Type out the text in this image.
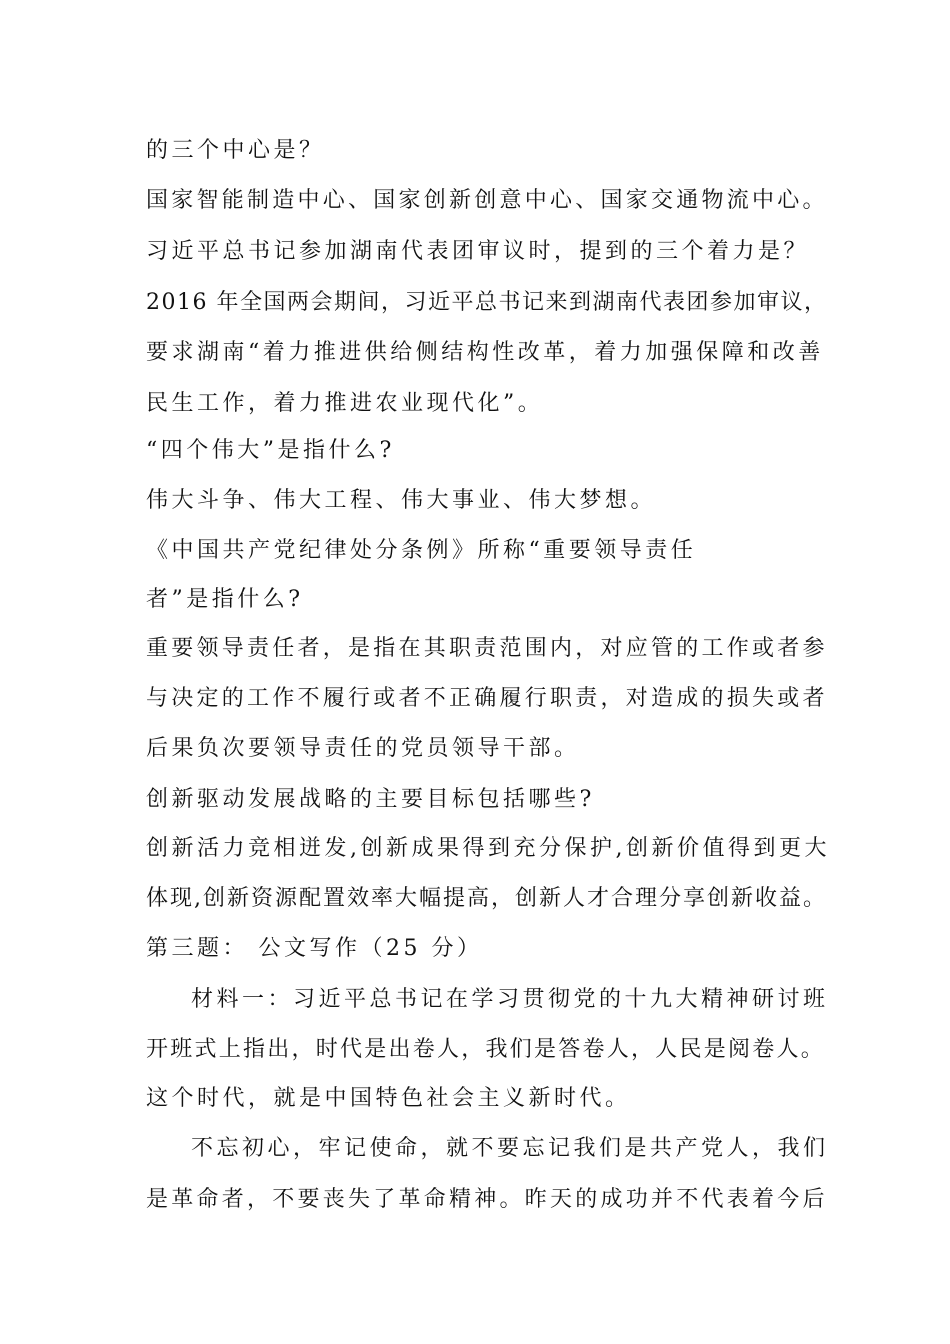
的三个中心是？
国家智能制造中心、国家创新创意中心、国家交通物流中心。
习近平总书记参加湖南代表团审议时，提到的三个着力是？
2016 年全国两会期间，习近平总书记来到湖南代表团参加审议，
要求湖南“着力推进供给侧结构性改革，着力加强保障和改善
民生工作，着力推进农业现代化”。
“四个伟大”是指什么?
伟大斗争、伟大工程、伟大事业、伟大梦想。
《中国共产党纪律处分条例》所称“重要领导责任
者”是指什么?
重要领导责任者，是指在其职责范围内，对应管的工作或者参
与决定的工作不履行或者不正确履行职责，对造成的损失或者
后果负次要领导责任的党员领导干部。
创新驱动发展战略的主要目标包括哪些?
创新活力竞相迸发,创新成果得到充分保护,创新价值得到更大
体现,创新资源配置效率大幅提高，创新人才合理分享创新收益。
第三题： 公文写作（25 分）
材料一：习近平总书记在学习贯彻党的十九大精神研讨班
开班式上指出，时代是出卷人，我们是答卷人，人民是阅卷人。
这个时代，就是中国特色社会主义新时代。
不忘初心，牢记使命，就不要忘记我们是共产党人，我们
是革命者，不要丧失了革命精神。昨天的成功并不代表着今后
